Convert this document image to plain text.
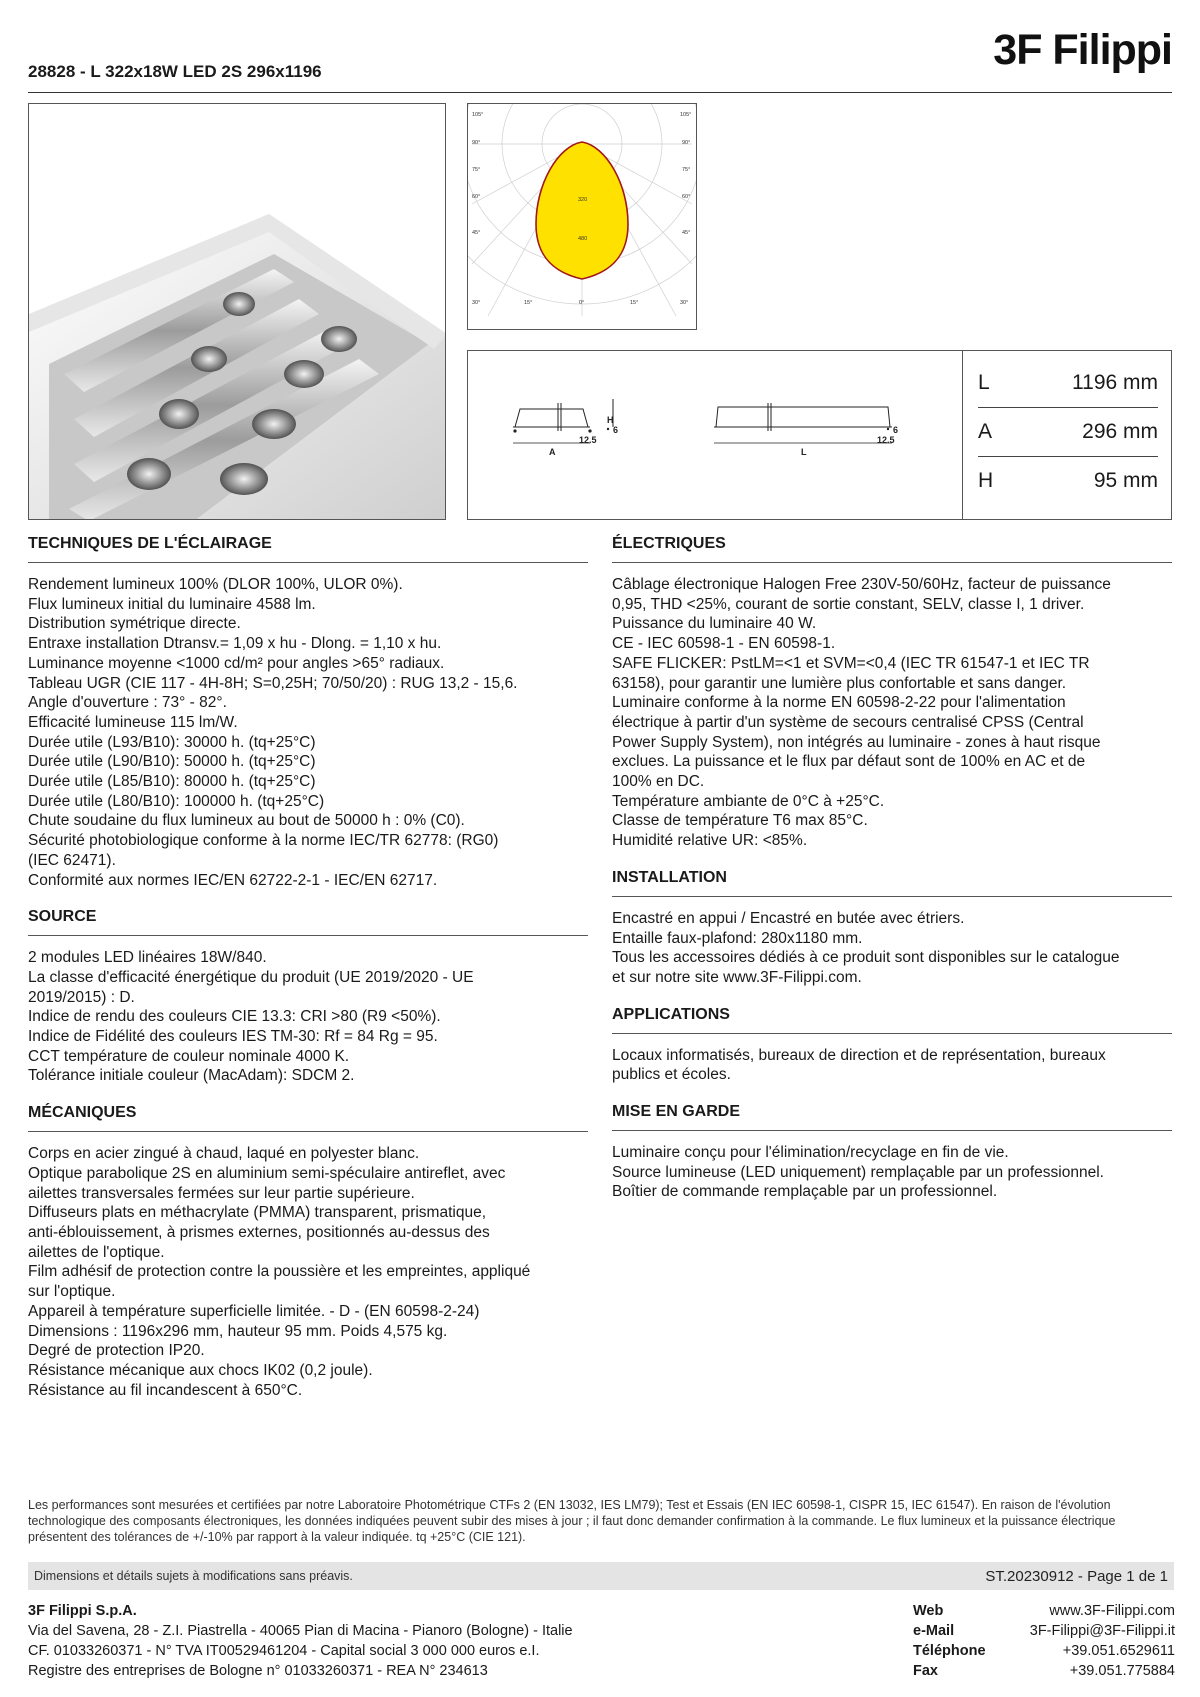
28828 - L 322x18W LED 2S 296x1196	3F Filippi
105°
90°
75°
60°
45°
105°
90°
75°
60°
45°
30°	15°	0°	15°	30°
320
480
H
6
12.5
A
6
12.5
L
L	1196 mm
A	296 mm
H	95 mm
TECHNIQUES DE L'ÉCLAIRAGE

Rendement lumineux 100% (DLOR 100%, ULOR 0%).

Flux lumineux initial du luminaire 4588 lm.

Distribution symétrique directe.

Entraxe installation Dtransv.= 1,09 x hu - Dlong. = 1,10 x hu.

Luminance moyenne <1000 cd/m² pour angles >65° radiaux.

Tableau UGR (CIE 117 - 4H-8H; S=0,25H; 70/50/20) : RUG 13,2 - 15,6.

Angle d'ouverture : 73° - 82°.

Efficacité lumineuse 115 lm/W.

Durée utile (L93/B10): 30000 h. (tq+25°C)

Durée utile (L90/B10): 50000 h. (tq+25°C)

Durée utile (L85/B10): 80000 h. (tq+25°C)

Durée utile (L80/B10): 100000 h. (tq+25°C)

Chute soudaine du flux lumineux au bout de 50000 h : 0% (C0).

Sécurité photobiologique conforme à la norme IEC/TR 62778: (RG0)

(IEC 62471).

Conformité aux normes IEC/EN 62722-2-1 - IEC/EN 62717.

SOURCE

2 modules LED linéaires 18W/840.

La classe d'efficacité énergétique du produit (UE 2019/2020 - UE

2019/2015) : D.

Indice de rendu des couleurs CIE 13.3: CRI >80 (R9 <50%).

Indice de Fidélité des couleurs IES TM-30: Rf = 84 Rg = 95.

CCT température de couleur nominale 4000 K.

Tolérance initiale couleur (MacAdam): SDCM 2.

MÉCANIQUES

Corps en acier zingué à chaud, laqué en polyester blanc.

Optique parabolique 2S en aluminium semi-spéculaire antireflet, avec

ailettes transversales fermées sur leur partie supérieure.

Diffuseurs plats en méthacrylate (PMMA) transparent, prismatique,

anti-éblouissement, à prismes externes, positionnés au-dessus des

ailettes de l'optique.

Film adhésif de protection contre la poussière et les empreintes, appliqué

sur l'optique.

Appareil à température superficielle limitée. - D - (EN 60598-2-24)

Dimensions : 1196x296 mm, hauteur 95 mm. Poids 4,575 kg.

Degré de protection IP20.

Résistance mécanique aux chocs IK02 (0,2 joule).

Résistance au fil incandescent à 650°C.

ÉLECTRIQUES

Câblage électronique Halogen Free 230V-50/60Hz, facteur de puissance

0,95, THD <25%, courant de sortie constant, SELV, classe I, 1 driver.

Puissance du luminaire 40 W.

CE - IEC 60598-1 - EN 60598-1.

SAFE FLICKER: PstLM=<1 et SVM=<0,4 (IEC TR 61547-1 et IEC TR

63158), pour garantir une lumière plus confortable et sans danger.

Luminaire conforme à la norme EN 60598-2-22 pour l'alimentation

électrique à partir d'un système de secours centralisé CPSS (Central

Power Supply System), non intégrés au luminaire - zones à haut risque

exclues. La puissance et le flux par défaut sont de 100% en AC et de

100% en DC.

Température ambiante de 0°C à +25°C.

Classe de température T6 max 85°C.

Humidité relative UR: <85%.

INSTALLATION

Encastré en appui / Encastré en butée avec étriers.

Entaille faux-plafond: 280x1180 mm.

Tous les accessoires dédiés à ce produit sont disponibles sur le catalogue

et sur notre site www.3F-Filippi.com.

APPLICATIONS

Locaux informatisés, bureaux de direction et de représentation, bureaux

publics et écoles.

MISE EN GARDE

Luminaire conçu pour l'élimination/recyclage en fin de vie.

Source lumineuse (LED uniquement) remplaçable par un professionnel.

Boîtier de commande remplaçable par un professionnel.

Les performances sont mesurées et certifiées par notre Laboratoire Photométrique CTFs 2 (EN 13032, IES LM79); Test et Essais (EN IEC 60598-1, CISPR 15, IEC 61547). En raison de l'évolution technologique des composants électroniques, les données indiquées peuvent subir des mises à jour ; il faut donc demander confirmation à la commande. Le flux lumineux et la puissance électrique présentent des tolérances de +/-10% par rapport à la valeur indiquée. tq +25°C (CIE 121).
Dimensions et détails sujets à modifications sans préavis.	ST.20230912 - Page 1 de 1
3F Filippi S.p.A.
Via del Savena, 28 - Z.I. Piastrella - 40065 Pian di Macina - Pianoro (Bologne) - Italie
CF. 01033260371 - N° TVA IT00529461204 - Capital social 3 000 000 euros e.I.
Registre des entreprises de Bologne n° 01033260371 - REA N° 234613
Web	www.3F-Filippi.com
e-Mail	3F-Filippi@3F-Filippi.it
Téléphone	+39.051.6529611
Fax	+39.051.775884
